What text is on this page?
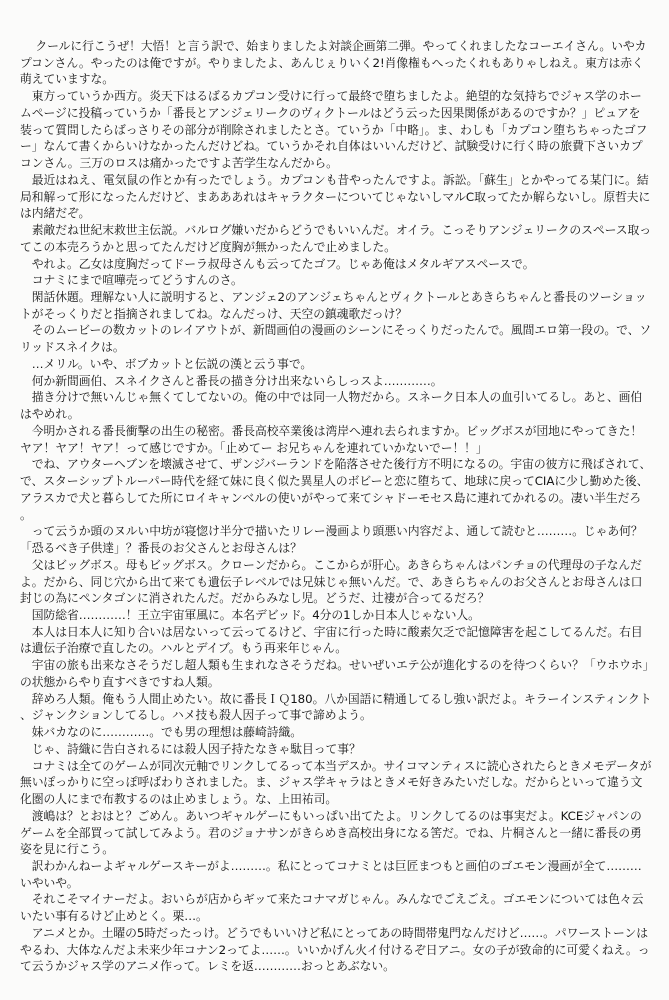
クールに行こうぜ！大悟！と言う訳で、始まりましたよ対談企画第二弾。やってくれましたなコーエイさん。いやカプコンさん。やったのは俺ですが。やりましたよ、あんじぇりいく2!肖像権もへったくれもありゃしねえ。東方は赤く萌えていますな。

東方っていうか西方。炎天下はるばるカプコン受けに行って最終で堕ちましたよ。絶望的な気持ちでジャス学のホームページに投稿っていうか「番長とアンジェリークのヴィクトールはどう云った因果関係があるのですか？」ピュアを装って質問したらばっさりその部分が削除されましたとさ。ていうか「中略」。ま、わしも「カプコン堕ちちゃったゴフー」なんて書くからいけなかったんだけどね。ていうかそれ自体はいいんだけど、試験受けに行く時の旅費下さいカプコンさん。三万のロスは痛かったですよ苦学生なんだから。

最近はねえ、電気鼠の作とか有ったでしょう。カプコンも昔やったんですよ。訴訟。「蘇生」とかやってる某门に。結局和解って形になったんだけど、まあああれはキャラクターについてじゃないしマルC取ってたか解らないし。原哲夫には内緒だぞ。

素敵だね世紀末救世主伝説。バルログ嫌いだからどうでもいいんだ。オイラ。こっそりアンジェリークのスペース取ってこの本売ろうかと思ってたんだけど度胸が無かったんで止めました。

やれよ。乙女は度胸だってドーラ叔母さんも云ってたゴフ。じゃあ俺はメタルギアスペースで。

コナミにまで喧嘩売ってどうすんのさ。

閑話休題。理解ない人に説明すると、アンジェ2のアンジェちゃんとヴィクトールとあきらちゃんと番長のツーショットがそっくりだと指摘されましてね。なんだっけ、天空の鎮魂歌だっけ？

そのムービーの数カットのレイアウトが、新間画伯の漫画のシーンにそっくりだったんで。風間エロ第一段の。で、ソリッドスネイクは。

…メリル。いや、ボブカットと伝説の漢と云う事で。

何か新間画伯、スネイクさんと番長の描き分け出来ないらしっスよ…………。

描き分けで無いんじゃ無くてしてないの。俺の中では同一人物だから。スネーク日本人の血引いてるし。あと、画伯はやめれ。

今明かされる番長衝撃の出生の秘密。番長高校卒業後は湾岸へ連れ去られますか。ビッグボスが団地にやってきた！ヤア！ヤア！ヤア！って感じですか。「止めてー お兄ちゃんを連れていかないでー！！」

でね、アウターヘブンを壊滅させて、ザンジバーランドを陥落させた後行方不明になるの。宇宙の彼方に飛ばされて、で、スターシップトルーパー時代を経て妹に良く似た異星人のボビーと恋に堕ちて、地球に戻ってCIAに少し勤めた後、アラスカで犬と暮らしてた所にロイキャンベルの使いがやって来てシャドーモセス島に連れてかれるの。凄い半生だろ。

って云うか頭のヌルい中坊が寝惚け半分で描いたリレー漫画より頭悪い内容だよ、通して読むと………。じゃあ何？「恐るべき子供達」？番長のお父さんとお母さんは？

父はビッグボス。母もビッグボス。クローンだから。ここからが肝心。あきらちゃんはパンチョの代理母の子なんだよ。だから、同じ穴から出て来ても遺伝子レベルでは兄妹じゃ無いんだ。で、あきらちゃんのお父さんとお母さんは口封じの為にペンタゴンに消されたんだ。だからみなし児。どうだ、辻褄が合ってるだろ？

国防総省…………！王立宇宙軍風に。本名デビッド。4分の1しか日本人じゃない人。

本人は日本人に知り合いは居ないって云ってるけど、宇宙に行った時に酸素欠乏で記憶障害を起こしてるんだ。右目は遺伝子治療で直したの。ハルとデイブ。もう再来年じゃん。

宇宙の旅も出来なさそうだし超人類も生まれなさそうだね。せいぜいエテ公が進化するのを待つくらい？「ウホウホ」の状態からやり直すべきですね人類。

辞めろ人類。俺もう人間止めたい。故に番長ＩＱ180。八か国語に精通してるし強い訳だよ。キラーインスティンクト、ジャンクションしてるし。ハメ技も殺人因子って事で諦めよう。

妹バカなのに…………。でも男の理想は藤崎詩織。

じゃ、詩織に告白されるには殺人因子持たなきゃ駄目って事？

コナミは全てのゲームが同次元軸でリンクしてるって本当デスか。サイコマンティスに読心されたらときメモデータが無いぽっかりに空っぽ呼ばわりされました。ま、ジャス学キャラはときメモ好きみたいだしな。だからといって違う文化圏の人にまで布教するのは止めましょう。な、上田祐司。

渡嶋は？とおはと？ごめん。あいつギャルゲーにもいっぱい出てたよ。リンクしてるのは事実だよ。KCEジャパンのゲームを全部買って試してみよう。君のジョナサンがきらめき高校出身になる筈だ。でね、片桐さんと一緒に番長の勇姿を見に行こう。

訳わかんねーよギャルゲースキーがよ………。私にとってコナミとは巨匠まつもと画伯のゴエモン漫画が全て………いやいや。

それこそマイナーだよ。おいらが店からギッて来たコナマガじゃん。みんなでごえごえ。ゴエモンについては色々云いたい事有るけど止めとく。栗…。

アニメとか。土曜の5時だったっけ。どうでもいいけど私にとってあの時間帯鬼門なんだけど……。パワーストーンはやるわ、大体なんだよ未来少年コナン2ってよ……。いいかげん火イ付けるぞ日アニ。女の子が致命的に可愛くねえ。って云うかジャス学のアニメ作って。レミを返…………おっとあぶない。
